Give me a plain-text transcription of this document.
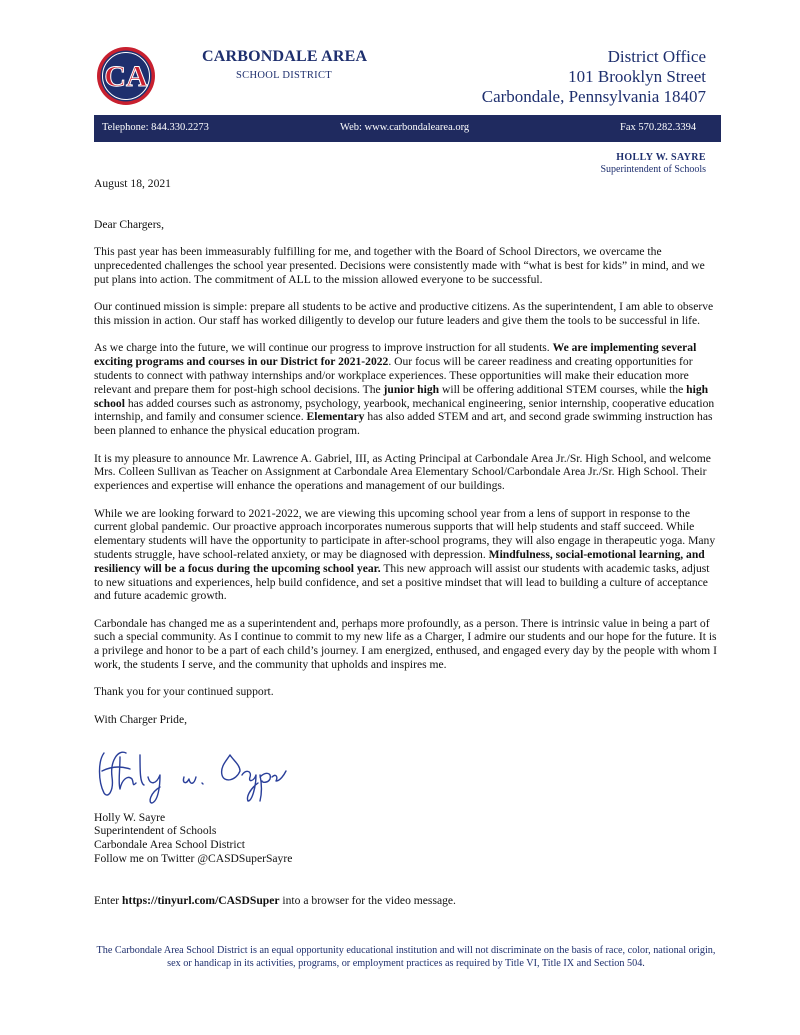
CA
CARBONDALE AREA
SCHOOL DISTRICT
District Office
101 Brooklyn Street
Carbondale, Pennsylvania 18407
Telephone: 844.330.2273	Web: www.carbondalearea.org	Fax 570.282.3394
HOLLY W. SAYRE
Superintendent of Schools

August 18, 2021

Dear Chargers,

This past year has been immeasurably fulfilling for me, and together with the Board of School Directors, we overcame the unprecedented challenges the school year presented. Decisions were consistently made with “what is best for kids” in mind, and we put plans into action. The commitment of ALL to the mission allowed everyone to be successful.

Our continued mission is simple: prepare all students to be active and productive citizens. As the superintendent, I am able to observe this mission in action. Our staff has worked diligently to develop our future leaders and give them the tools to be successful in life.

As we charge into the future, we will continue our progress to improve instruction for all students. We are implementing several exciting programs and courses in our District for 2021-2022. Our focus will be career readiness and creating opportunities for students to connect with pathway internships and/or workplace experiences. These opportunities will make their education more relevant and prepare them for post-high school decisions. The junior high will be offering additional STEM courses, while the high school has added courses such as astronomy, psychology, yearbook, mechanical engineering, senior internship, cooperative education internship, and family and consumer science. Elementary has also added STEM and art, and second grade swimming instruction has been planned to enhance the physical education program.

It is my pleasure to announce Mr. Lawrence A. Gabriel, III, as Acting Principal at Carbondale Area Jr./Sr. High School, and welcome Mrs. Colleen Sullivan as Teacher on Assignment at Carbondale Area Elementary School/Carbondale Area Jr./Sr. High School. Their experiences and expertise will enhance the operations and management of our buildings.

While we are looking forward to 2021-2022, we are viewing this upcoming school year from a lens of support in response to the current global pandemic. Our proactive approach incorporates numerous supports that will help students and staff succeed. While elementary students will have the opportunity to participate in after-school programs, they will also engage in therapeutic yoga. Many students struggle, have school-related anxiety, or may be diagnosed with depression. Mindfulness, social-emotional learning, and resiliency will be a focus during the upcoming school year. This new approach will assist our students with academic tasks, adjust to new situations and experiences, help build confidence, and set a positive mindset that will lead to building a culture of acceptance and future academic growth.

Carbondale has changed me as a superintendent and, perhaps more profoundly, as a person. There is intrinsic value in being a part of such a special community. As I continue to commit to my new life as a Charger, I admire our students and our hope for the future. It is a privilege and honor to be a part of each child’s journey. I am energized, enthused, and engaged every day by the people with whom I work, the students I serve, and the community that upholds and inspires me.

Thank you for your continued support.

With Charger Pride,

Holly W. Sayre

Superintendent of Schools

Carbondale Area School District

Follow me on Twitter @CASDSuperSayre

Enter https://tinyurl.com/CASDSuper into a browser for the video message.

The Carbondale Area School District is an equal opportunity educational institution and will not discriminate on the basis of race, color, national origin, sex or handicap in its activities, programs, or employment practices as required by Title VI, Title IX and Section 504.
